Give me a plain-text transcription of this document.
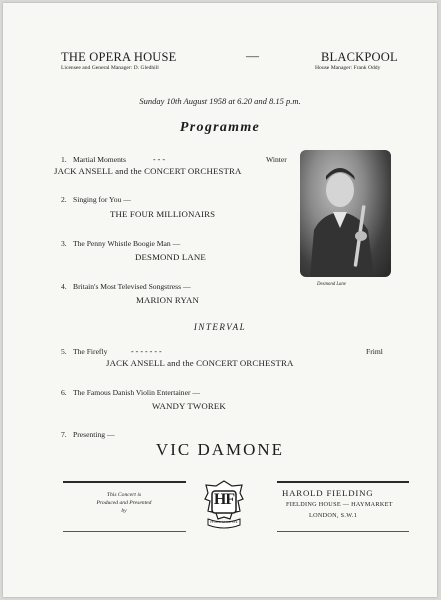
THE OPERA HOUSE	—	BLACKPOOL
Licensee and General Manager: D. Gledhill	House Manager: Frank Oddy
Sunday 10th August 1958 at 6.20 and 8.15 p.m.
Programme
1. Martial Moments	- - -	Winter
JACK ANSELL and the CONCERT ORCHESTRA
2. Singing for You —
THE FOUR MILLIONAIRS
3. The Penny Whistle Boogie Man —
DESMOND LANE
4. Britain's Most Televised Songstress —
MARION RYAN
Desmond Lane
INTERVAL
5. The Firefly	- - - - - - -	Friml
JACK ANSELL and the CONCERT ORCHESTRA
6. The Famous Danish Violin Entertainer —
WANDY TWOREK
7. Presenting —
VIC DAMONE
This Concert is
Produced and Presented
by
HF
PEOPLE OF RATHER
HAROLD FIELDING
FIELDING HOUSE — HAYMARKET
LONDON, S.W.1
